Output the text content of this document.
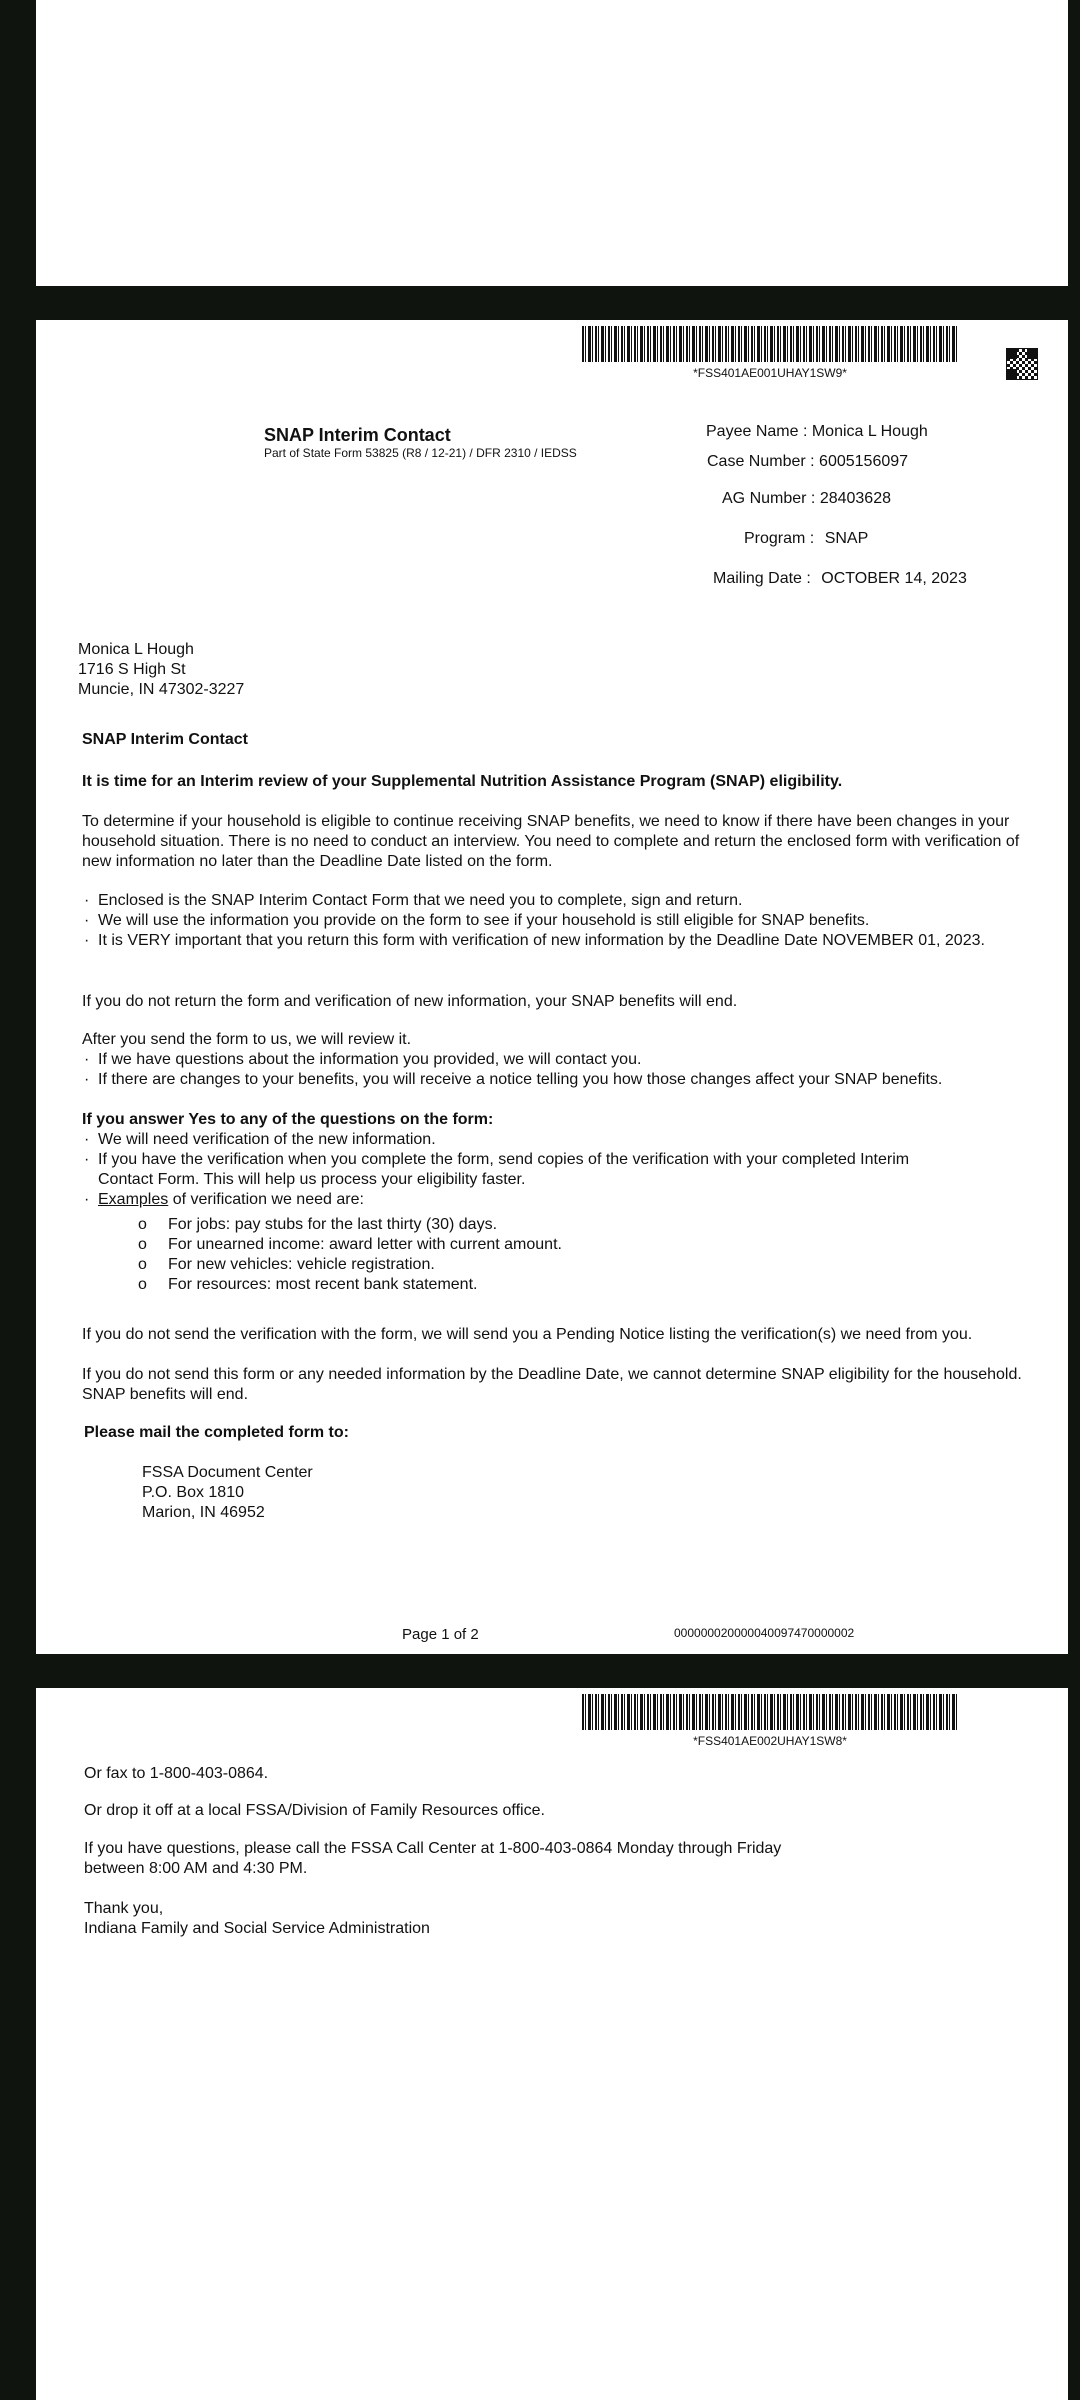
*FSS401AE001UHAY1SW9*
SNAP Interim Contact
Part of State Form 53825 (R8 / 12-21) / DFR 2310 / IEDSS
Payee Name : Monica L Hough
Case Number : 6005156097
AG Number : 28403628
Program : SNAP
Mailing Date : OCTOBER 14, 2023
Monica L Hough
1716 S High St
Muncie, IN 47302-3227
SNAP Interim Contact
It is time for an Interim review of your Supplemental Nutrition Assistance Program (SNAP) eligibility.
To determine if your household is eligible to continue receiving SNAP benefits, we need to know if there have been changes in your household situation. There is no need to conduct an interview. You need to complete and return the enclosed form with verification of new information no later than the Deadline Date listed on the form.
· Enclosed is the SNAP Interim Contact Form that we need you to complete, sign and return.
· We will use the information you provide on the form to see if your household is still eligible for SNAP benefits.
· It is VERY important that you return this form with verification of new information by the Deadline Date NOVEMBER 01, 2023.
If you do not return the form and verification of new information, your SNAP benefits will end.
After you send the form to us, we will review it.
· If we have questions about the information you provided, we will contact you.
· If there are changes to your benefits, you will receive a notice telling you how those changes affect your SNAP benefits.
If you answer Yes to any of the questions on the form:
· We will need verification of the new information.
· If you have the verification when you complete the form, send copies of the verification with your completed Interim Contact Form. This will help us process your eligibility faster.
· Examples of verification we need are:
o For jobs: pay stubs for the last thirty (30) days.
o For unearned income: award letter with current amount.
o For new vehicles: vehicle registration.
o For resources: most recent bank statement.
If you do not send the verification with the form, we will send you a Pending Notice listing the verification(s) we need from you.
If you do not send this form or any needed information by the Deadline Date, we cannot determine SNAP eligibility for the household. SNAP benefits will end.
Please mail the completed form to:
FSSA Document Center
P.O. Box 1810
Marion, IN 46952
Page 1 of 2	000000020000040097470000002
*FSS401AE002UHAY1SW8*
Or fax to 1-800-403-0864.
Or drop it off at a local FSSA/Division of Family Resources office.
If you have questions, please call the FSSA Call Center at 1-800-403-0864 Monday through Friday between 8:00 AM and 4:30 PM.
Thank you,
Indiana Family and Social Service Administration
